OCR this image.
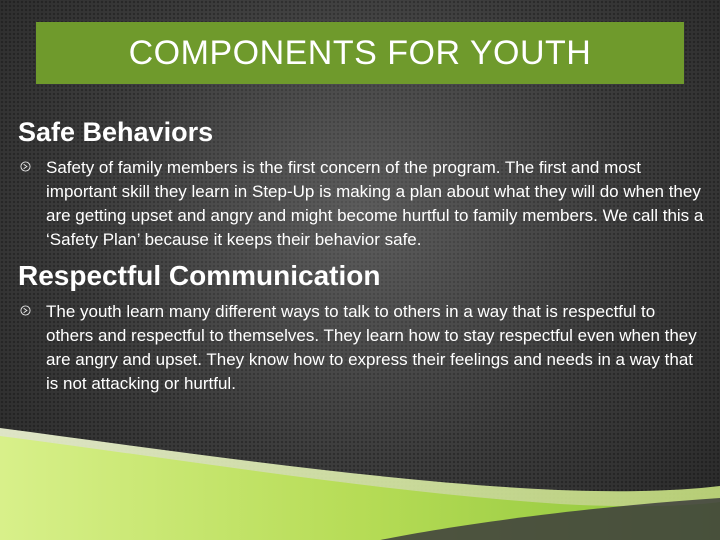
COMPONENTS FOR YOUTH
Safe Behaviors
Safety of family members is the first concern of the program. The first and most important skill they learn in Step-Up is making a plan about what they will do when they are getting upset and angry and might become hurtful to family members. We call this a ‘Safety Plan’ because it keeps their behavior safe.
Respectful Communication
The youth learn many different ways to talk to others in a way that is respectful to others and respectful to themselves. They learn how to stay respectful even when they are angry and upset. They know how to express their feelings and needs in a way that is not attacking or hurtful.
